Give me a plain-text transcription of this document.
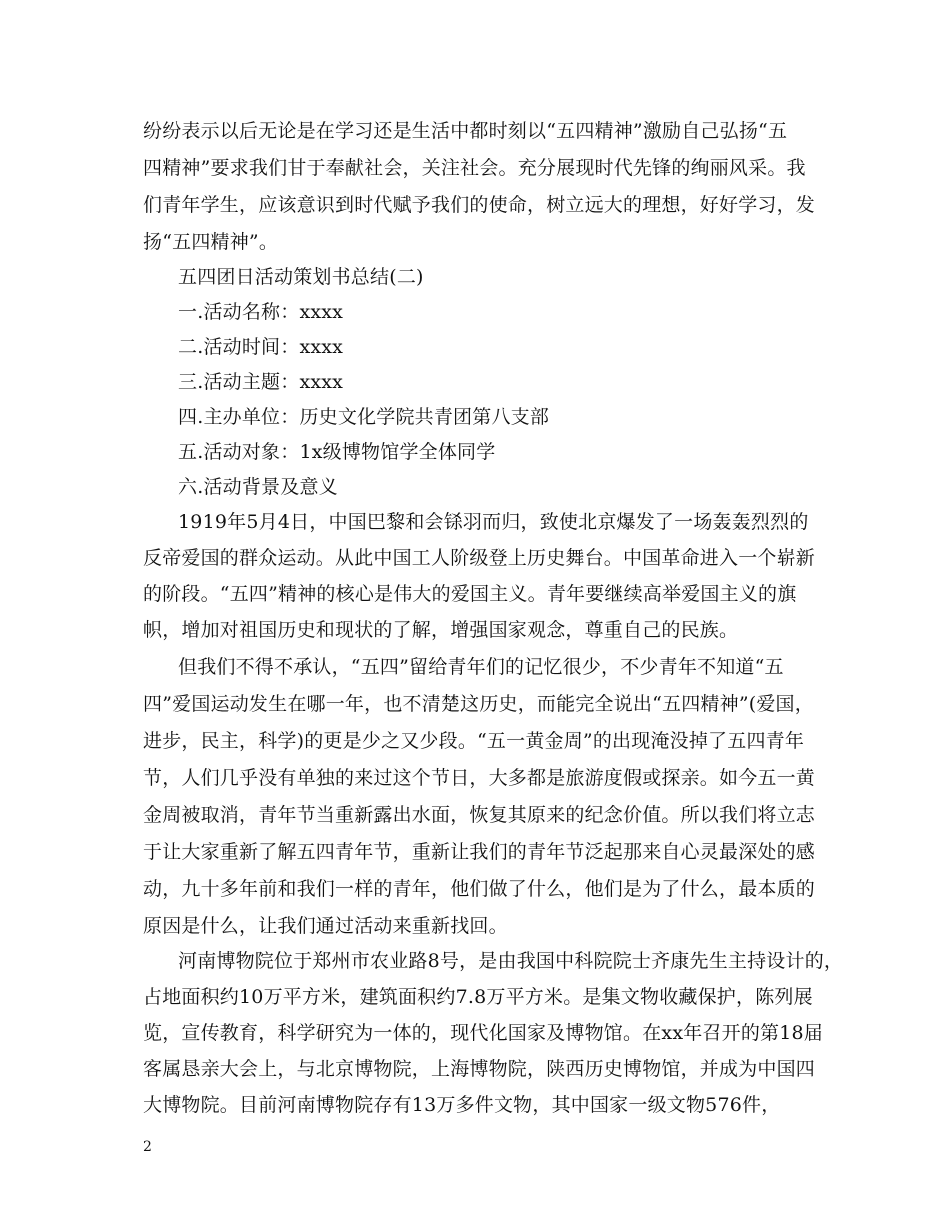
纷纷表示以后无论是在学习还是生活中都时刻以“五四精神”激励自己弘扬“五
四精神”要求我们甘于奉献社会，关注社会。充分展现时代先锋的绚丽风采。我
们青年学生，应该意识到时代赋予我们的使命，树立远大的理想，好好学习，发
扬“五四精神”。
五四团日活动策划书总结(二)
一.活动名称：xxxx
二.活动时间：xxxx
三.活动主题：xxxx
四.主办单位：历史文化学院共青团第八支部
五.活动对象：1x级博物馆学全体同学
六.活动背景及意义
1919年5月4日，中国巴黎和会铩羽而归，致使北京爆发了一场轰轰烈烈的
反帝爱国的群众运动。从此中国工人阶级登上历史舞台。中国革命进入一个崭新
的阶段。“五四”精神的核心是伟大的爱国主义。青年要继续高举爱国主义的旗
帜，增加对祖国历史和现状的了解，增强国家观念，尊重自己的民族。
但我们不得不承认，“五四”留给青年们的记忆很少，不少青年不知道“五
四”爱国运动发生在哪一年，也不清楚这历史，而能完全说出“五四精神”(爱国，
进步，民主，科学)的更是少之又少段。“五一黄金周”的出现淹没掉了五四青年
节，人们几乎没有单独的来过这个节日，大多都是旅游度假或探亲。如今五一黄
金周被取消，青年节当重新露出水面，恢复其原来的纪念价值。所以我们将立志
于让大家重新了解五四青年节，重新让我们的青年节泛起那来自心灵最深处的感
动，九十多年前和我们一样的青年，他们做了什么，他们是为了什么，最本质的
原因是什么，让我们通过活动来重新找回。
河南博物院位于郑州市农业路8号，是由我国中科院院士齐康先生主持设计的，
占地面积约10万平方米，建筑面积约7.8万平方米。是集文物收藏保护，陈列展
览，宣传教育，科学研究为一体的，现代化国家及博物馆。在xx年召开的第18届
客属恳亲大会上，与北京博物院，上海博物院，陕西历史博物馆，并成为中国四
大博物院。目前河南博物院存有13万多件文物，其中国家一级文物576件，
2
